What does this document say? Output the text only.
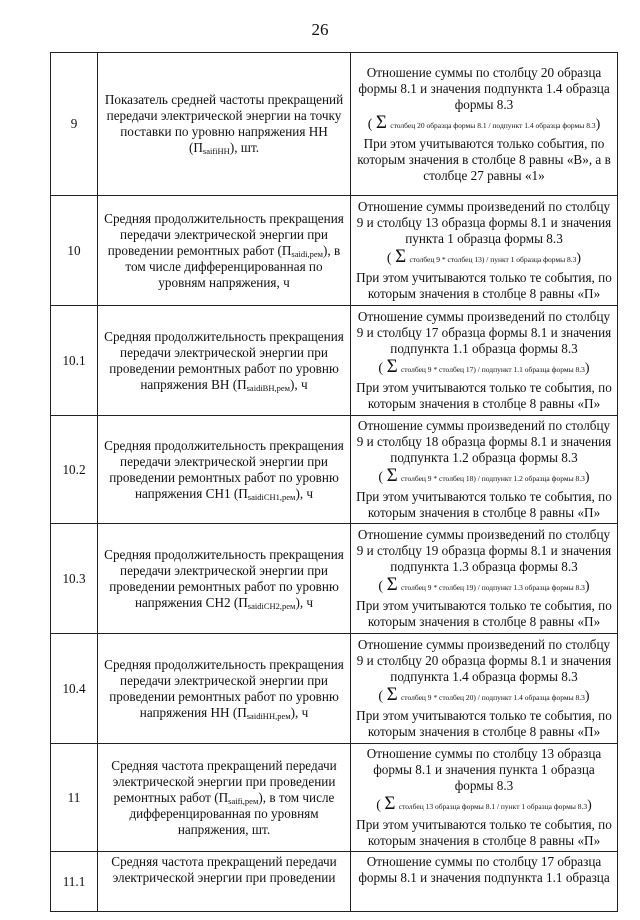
26
9	Показатель средней частоты прекращений передачи электрической энергии на точку поставки по уровню напряжения НН $(П_{saifiНН})$, шт.	Отношение суммы по столбцу 20 образца формы 8.1 и значения подпункта 1.4 образца формы 8.3
( Σ столбец 20 образца формы 8.1 / подпункт 1.4 образца формы 8.3 )
При этом учитываются только события, по которым значения в столбце 8 равны «В», а в столбце 27 равны «1»

10	Средняя продолжительность прекращения передачи электрической энергии при проведении ремонтных работ $(П_{saidi,рем})$, в том числе дифференцированная по уровням напряжения, ч	Отношение суммы произведений по столбцу 9 и столбцу 13 образца формы 8.1 и значения пункта 1 образца формы 8.3
( Σ столбец 9 * столбец 13) / пункт 1 образца формы 8.3 )
При этом учитываются только те события, по которым значения в столбце 8 равны «П»

10.1	Средняя продолжительность прекращения передачи электрической энергии при проведении ремонтных работ по уровню напряжения ВН $(П_{saidiВН,рем})$, ч	Отношение суммы произведений по столбцу 9 и столбцу 17 образца формы 8.1 и значения подпункта 1.1 образца формы 8.3
( Σ столбец 9 * столбец 17) / подпункт 1.1 образца формы 8.3 )
При этом учитываются только те события, по которым значения в столбце 8 равны «П»

10.2	Средняя продолжительность прекращения передачи электрической энергии при проведении ремонтных работ по уровню напряжения СН1 $(П_{saidiСН1,рем})$, ч	Отношение суммы произведений по столбцу 9 и столбцу 18 образца формы 8.1 и значения подпункта 1.2 образца формы 8.3
( Σ столбец 9 * столбец 18) / подпункт 1.2 образца формы 8.3 )
При этом учитываются только те события, по которым значения в столбце 8 равны «П»

10.3	Средняя продолжительность прекращения передачи электрической энергии при проведении ремонтных работ по уровню напряжения СН2 $(П_{saidiСН2,рем})$, ч	Отношение суммы произведений по столбцу 9 и столбцу 19 образца формы 8.1 и значения подпункта 1.3 образца формы 8.3
( Σ столбец 9 * столбец 19) / подпункт 1.3 образца формы 8.3 )
При этом учитываются только те события, по которым значения в столбце 8 равны «П»

10.4	Средняя продолжительность прекращения передачи электрической энергии при проведении ремонтных работ по уровню напряжения НН $(П_{saidiНН,рем})$, ч	Отношение суммы произведений по столбцу 9 и столбцу 20 образца формы 8.1 и значения подпункта 1.4 образца формы 8.3
( Σ столбец 9 * столбец 20) / подпункт 1.4 образца формы 8.3 )
При этом учитываются только те события, по которым значения в столбце 8 равны «П»

11	Средняя частота прекращений передачи электрической энергии при проведении ремонтных работ $(П_{saifi,рем})$, в том числе дифференцированная по уровням напряжения, шт.	Отношение суммы по столбцу 13 образца формы 8.1 и значения пункта 1 образца формы 8.3
( Σ столбец 13 образца формы 8.1 / пункт 1 образца формы 8.3 )
При этом учитываются только те события, по которым значения в столбце 8 равны «П»

11.1	Средняя частота прекращений передачи электрической энергии при проведении	Отношение суммы по столбцу 17 образца формы 8.1 и значения подпункта 1.1 образца
